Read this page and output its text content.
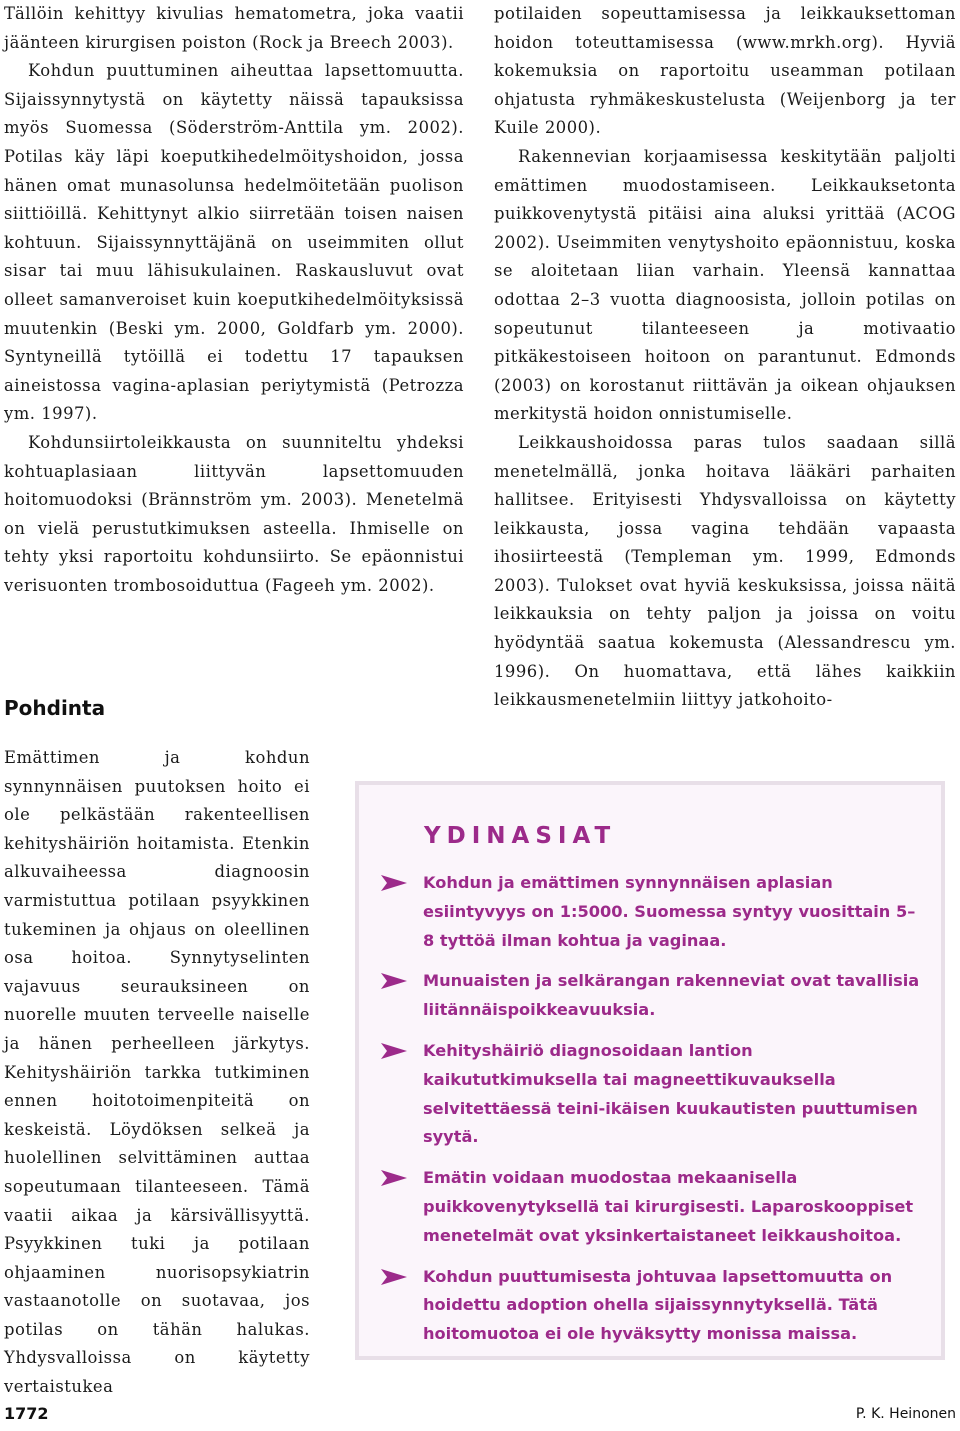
Tällöin kehittyy kivulias hematometra, joka vaatii jäänteen kirurgisen poiston (Rock ja Breech 2003).

Kohdun puuttuminen aiheuttaa lapsettomuutta. Sijaissynnytystä on käytetty näissä tapauksissa myös Suomessa (Söderström-Anttila ym. 2002). Potilas käy läpi koeputkihedelmöityshoidon, jossa hänen omat munasolunsa hedelmöitetään puolison siittiöillä. Kehittynyt alkio siirretään toisen naisen kohtuun. Sijaissynnyttäjänä on useimmiten ollut sisar tai muu lähisukulainen. Raskausluvut ovat olleet samanveroiset kuin koeputkihedelmöityksissä muutenkin (Beski ym. 2000, Goldfarb ym. 2000). Syntyneillä tytöillä ei todettu 17 tapauksen aineistossa vagina-aplasian periytymistä (Petrozza ym. 1997).

Kohdunsiirtoleikkausta on suunniteltu yhdeksi kohtuaplasiaan liittyvän lapsettomuuden hoitomuodoksi (Brännström ym. 2003). Menetelmä on vielä perustutkimuksen asteella. Ihmiselle on tehty yksi raportoitu kohdunsiirto. Se epäonnistui verisuonten trombosoiduttua (Fageeh ym. 2002).

Pohdinta

Emättimen ja kohdun synnynnäisen puutoksen hoito ei ole pelkästään rakenteellisen kehityshäiriön hoitamista. Etenkin alkuvaiheessa diagnoosin varmistuttua potilaan psyykkinen tukeminen ja ohjaus on oleellinen osa hoitoa. Synnytyselinten vajavuus seurauksineen on nuorelle muuten terveelle naiselle ja hänen perheelleen järkytys. Kehityshäiriön tarkka tutkiminen ennen hoitotoimenpiteitä on keskeistä. Löydöksen selkeä ja huolellinen selvittäminen auttaa sopeutumaan tilanteeseen. Tämä vaatii aikaa ja kärsivällisyyttä. Psyykkinen tuki ja potilaan ohjaaminen nuorisopsykiatrin vastaanotolle on suotavaa, jos potilas on tähän halukas. Yhdysvalloissa on käytetty vertaistukea

potilaiden sopeuttamisessa ja leikkauksettoman hoidon toteuttamisessa (www.mrkh.org). Hyviä kokemuksia on raportoitu useamman potilaan ohjatusta ryhmäkeskustelusta (Weijenborg ja ter Kuile 2000).

Rakennevian korjaamisessa keskitytään paljolti emättimen muodostamiseen. Leikkauksetonta puikkovenytystä pitäisi aina aluksi yrittää (ACOG 2002). Useimmiten venytyshoito epäonnistuu, koska se aloitetaan liian varhain. Yleensä kannattaa odottaa 2–3 vuotta diagnoosista, jolloin potilas on sopeutunut tilanteeseen ja motivaatio pitkäkestoiseen hoitoon on parantunut. Edmonds (2003) on korostanut riittävän ja oikean ohjauksen merkitystä hoidon onnistumiselle.

Leikkaushoidossa paras tulos saadaan sillä menetelmällä, jonka hoitava lääkäri parhaiten hallitsee. Erityisesti Yhdysvalloissa on käytetty leikkausta, jossa vagina tehdään vapaasta ihosiirteestä (Templeman ym. 1999, Edmonds 2003). Tulokset ovat hyviä keskuksissa, joissa näitä leikkauksia on tehty paljon ja joissa on voitu hyödyntää saatua kokemusta (Alessandrescu ym. 1996). On huomattava, että lähes kaikkiin leikkausmenetelmiin liittyy jatkohoito-

YDINASIAT
Kohdun ja emättimen synnynnäisen aplasian esiintyvyys on 1:5000. Suomessa syntyy vuosittain 5–8 tyttöä ilman kohtua ja vaginaa.
Munuaisten ja selkärangan rakenneviat ovat tavallisia liitännäispoikkeavuuksia.
Kehityshäiriö diagnosoidaan lantion kaikututkimuksella tai magneettikuvauksella selvitettäessä teini-ikäisen kuukautisten puuttumisen syytä.
Emätin voidaan muodostaa mekaanisella puikkovenytyksellä tai kirurgisesti. Laparoskooppiset menetelmät ovat yksinkertaistaneet leikkaushoitoa.
Kohdun puuttumisesta johtuvaa lapsettomuutta on hoidettu adoption ohella sijaissynnytyksellä. Tätä hoitomuotoa ei ole hyväksytty monissa maissa.
1772	P. K. Heinonen
